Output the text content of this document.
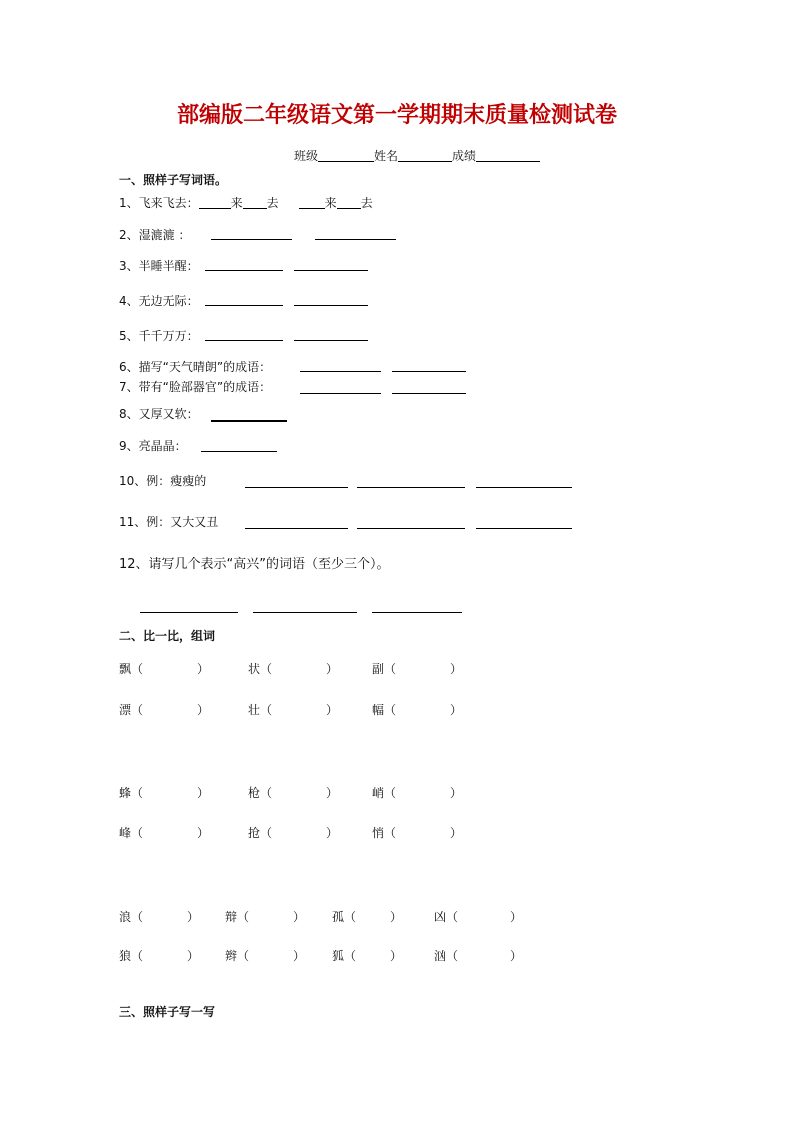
部编版二年级语文第一学期期末质量检测试卷
班级	姓名	成绩
一、照样子写词语。
1、飞来飞去：	来 去	来 去
2、湿漉漉 ：
3、半睡半醒：
4、无边无际：
5、千千万万：
6、描写“天气晴朗”的成语：
7、带有“脸部器官”的成语：
8、又厚又软：
9、亮晶晶：
10、例：瘦瘦的
11、例：又大又丑
12、请写几个表示“高兴”的词语（至少三个）。
二、比一比，组词
飘（	）	状（	）	副（	）
漂（	）	壮（	）	幅（	）
蜂（	）	枪（	）	峭（	）
峰（	）	抢（	）	悄（	）
浪（	） 辩（	） 孤（	）	凶（	）
狼（	） 辫（	） 狐（	）	汹（	）
三、照样子写一写
